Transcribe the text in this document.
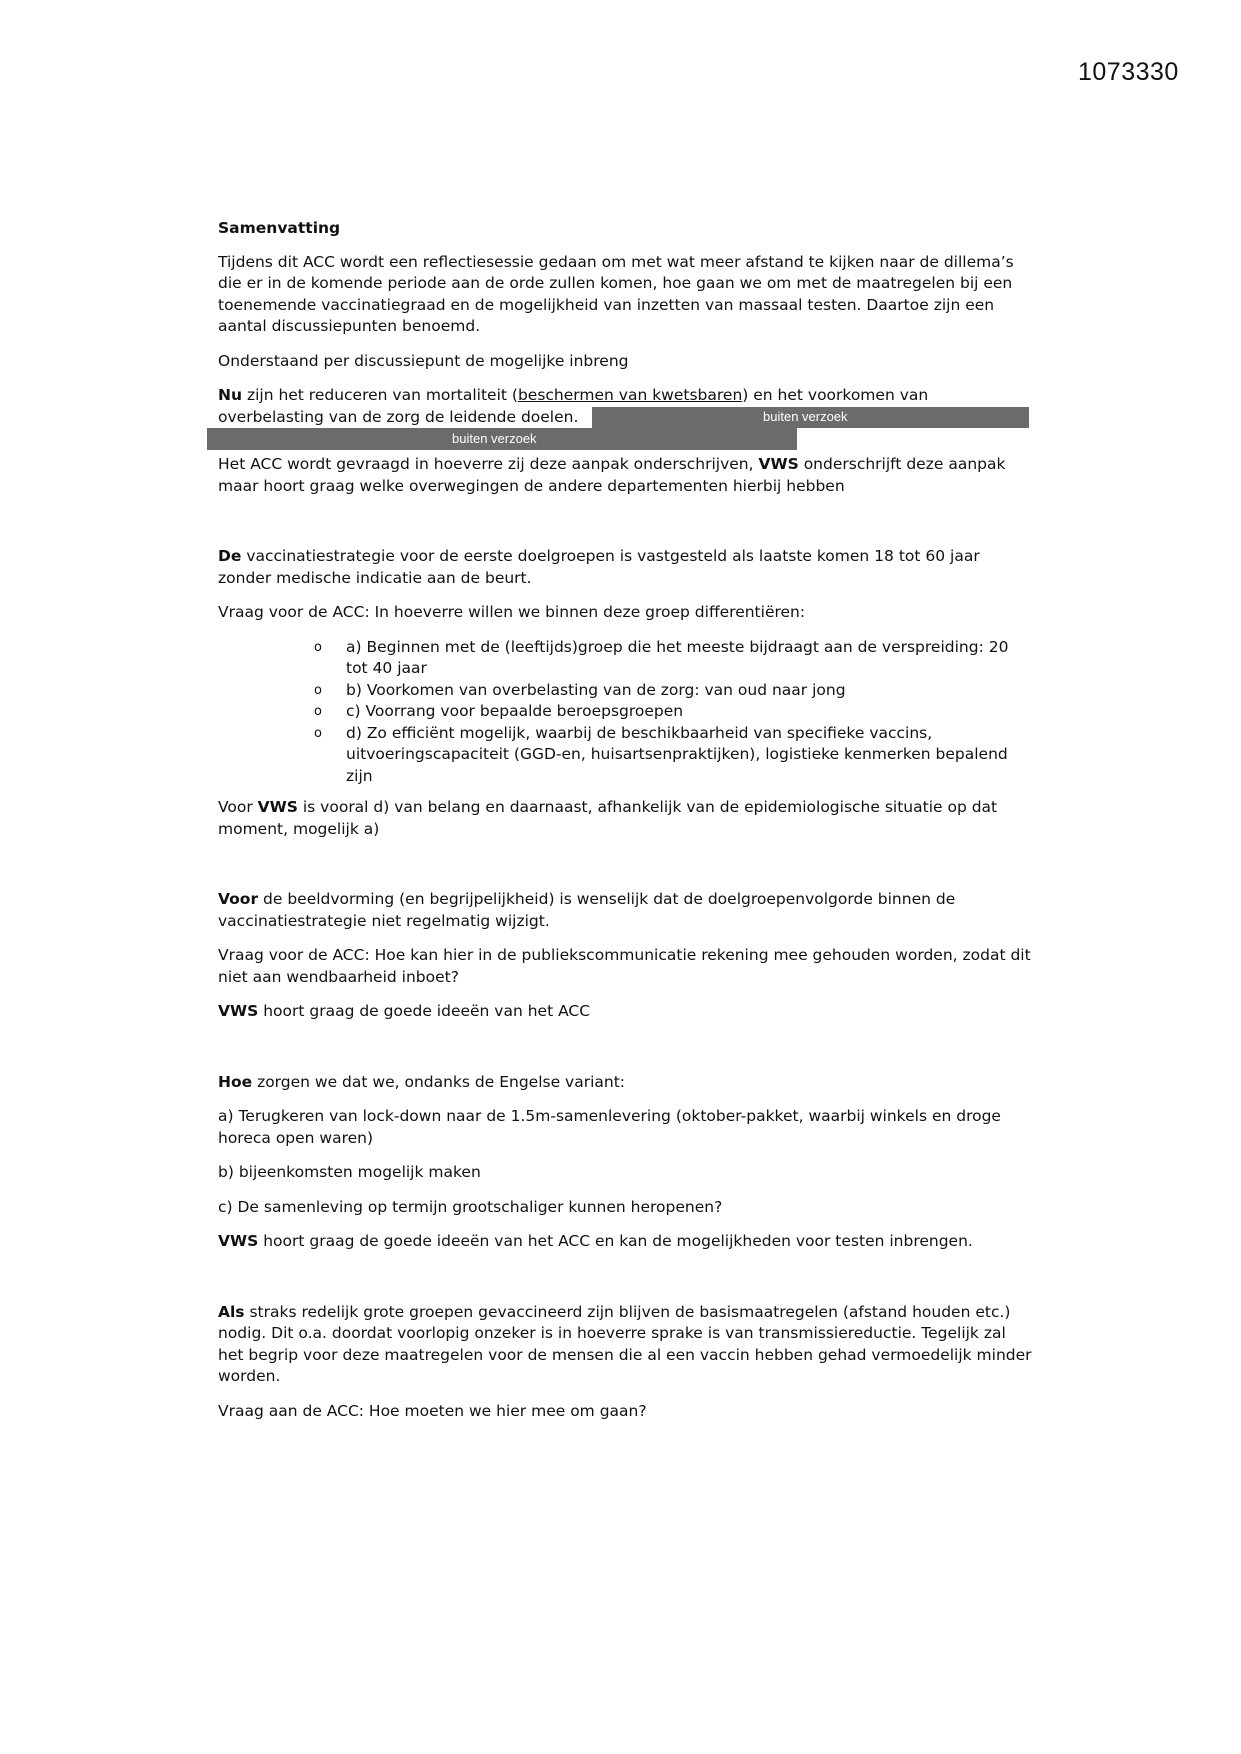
1073330
Samenvatting

Tijdens dit ACC wordt een reflectiesessie gedaan om met wat meer afstand te kijken naar de dillema’s die er in de komende periode aan de orde zullen komen, hoe gaan we om met de maatregelen bij een toenemende vaccinatiegraad en de mogelijkheid van inzetten van massaal testen. Daartoe zijn een aantal discussiepunten benoemd.

Onderstaand per discussiepunt de mogelijke inbreng

Nu zijn het reduceren van mortaliteit (beschermen van kwetsbaren) en het voorkomen van overbelasting van de zorg de leidende doelen.

Het ACC wordt gevraagd in hoeverre zij deze aanpak onderschrijven, VWS onderschrijft deze aanpak maar hoort graag welke overwegingen de andere departementen hierbij hebben

De vaccinatiestrategie voor de eerste doelgroepen is vastgesteld als laatste komen 18 tot 60 jaar zonder medische indicatie aan de beurt.

Vraag voor de ACC: In hoeverre willen we binnen deze groep differentiëren:

o a) Beginnen met de (leeftijds)groep die het meeste bijdraagt aan de verspreiding: 20 tot 40 jaar
o b) Voorkomen van overbelasting van de zorg: van oud naar jong
o c) Voorrang voor bepaalde beroepsgroepen
o d) Zo efficiënt mogelijk, waarbij de beschikbaarheid van specifieke vaccins, uitvoeringscapaciteit (GGD-en, huisartsenpraktijken), logistieke kenmerken bepalend zijn

Voor VWS is vooral d) van belang en daarnaast, afhankelijk van de epidemiologische situatie op dat moment, mogelijk a)

Voor de beeldvorming (en begrijpelijkheid) is wenselijk dat de doelgroepenvolgorde binnen de vaccinatiestrategie niet regelmatig wijzigt.

Vraag voor de ACC: Hoe kan hier in de publiekscommunicatie rekening mee gehouden worden, zodat dit niet aan wendbaarheid inboet?

VWS hoort graag de goede ideeën van het ACC

Hoe zorgen we dat we, ondanks de Engelse variant:

a) Terugkeren van lock-down naar de 1.5m-samenlevering (oktober-pakket, waarbij winkels en droge horeca open waren)

b) bijeenkomsten mogelijk maken

c) De samenleving op termijn grootschaliger kunnen heropenen?

VWS hoort graag de goede ideeën van het ACC en kan de mogelijkheden voor testen inbrengen.

Als straks redelijk grote groepen gevaccineerd zijn blijven de basismaatregelen (afstand houden etc.) nodig. Dit o.a. doordat voorlopig onzeker is in hoeverre sprake is van transmissiereductie. Tegelijk zal het begrip voor deze maatregelen voor de mensen die al een vaccin hebben gehad vermoedelijk minder worden.

Vraag aan de ACC: Hoe moeten we hier mee om gaan?

buiten verzoek
buiten verzoek
